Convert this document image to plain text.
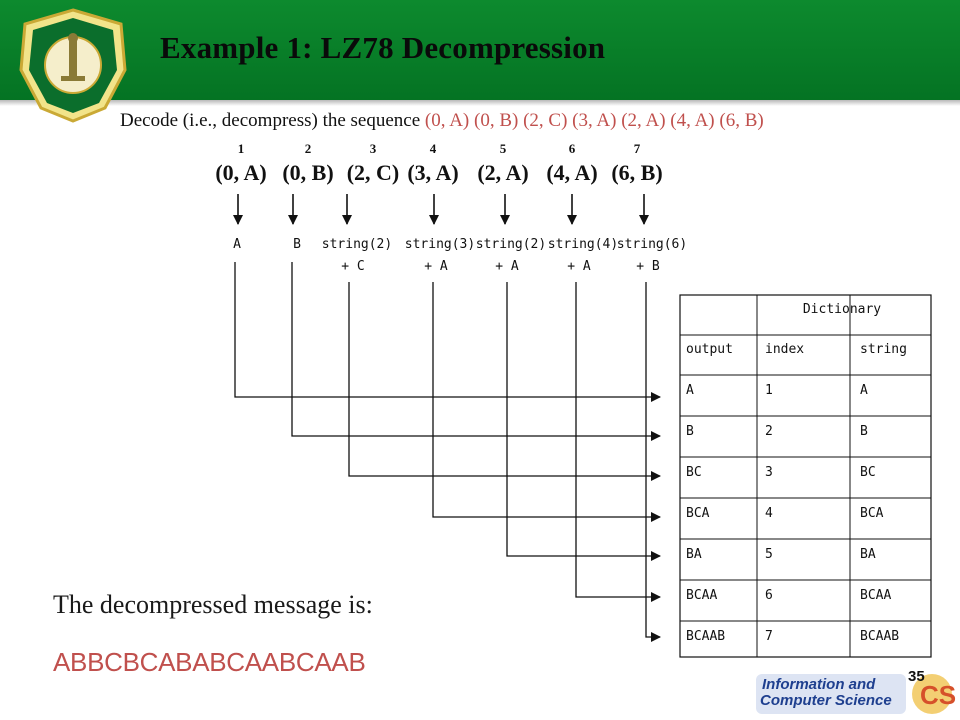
Example 1: LZ78 Decompression
Decode (i.e., decompress) the sequence (0, A) (0, B) (2, C) (3, A) (2, A) (4, A) (6, B)
1
(0, A)
A
2
(0, B)
B
3
(2, C)
string(2)
+ C
4
(3, A)
string(3)
+ A
5
(2, A)
string(2)
+ A
6
(4, A)
string(4)
+ A
7
(6, B)
string(6)
+ B
Dictionary
output index	string
A	1	A
B	2	B
BC	3	BC
BCA	4	BCA
BA	5	BA
BCAA	6	BCAA
BCAAB	7	BCAAB
The decompressed message is:
ABBCBCABABCAABCAAB
CS
Information and
Computer Science
35
